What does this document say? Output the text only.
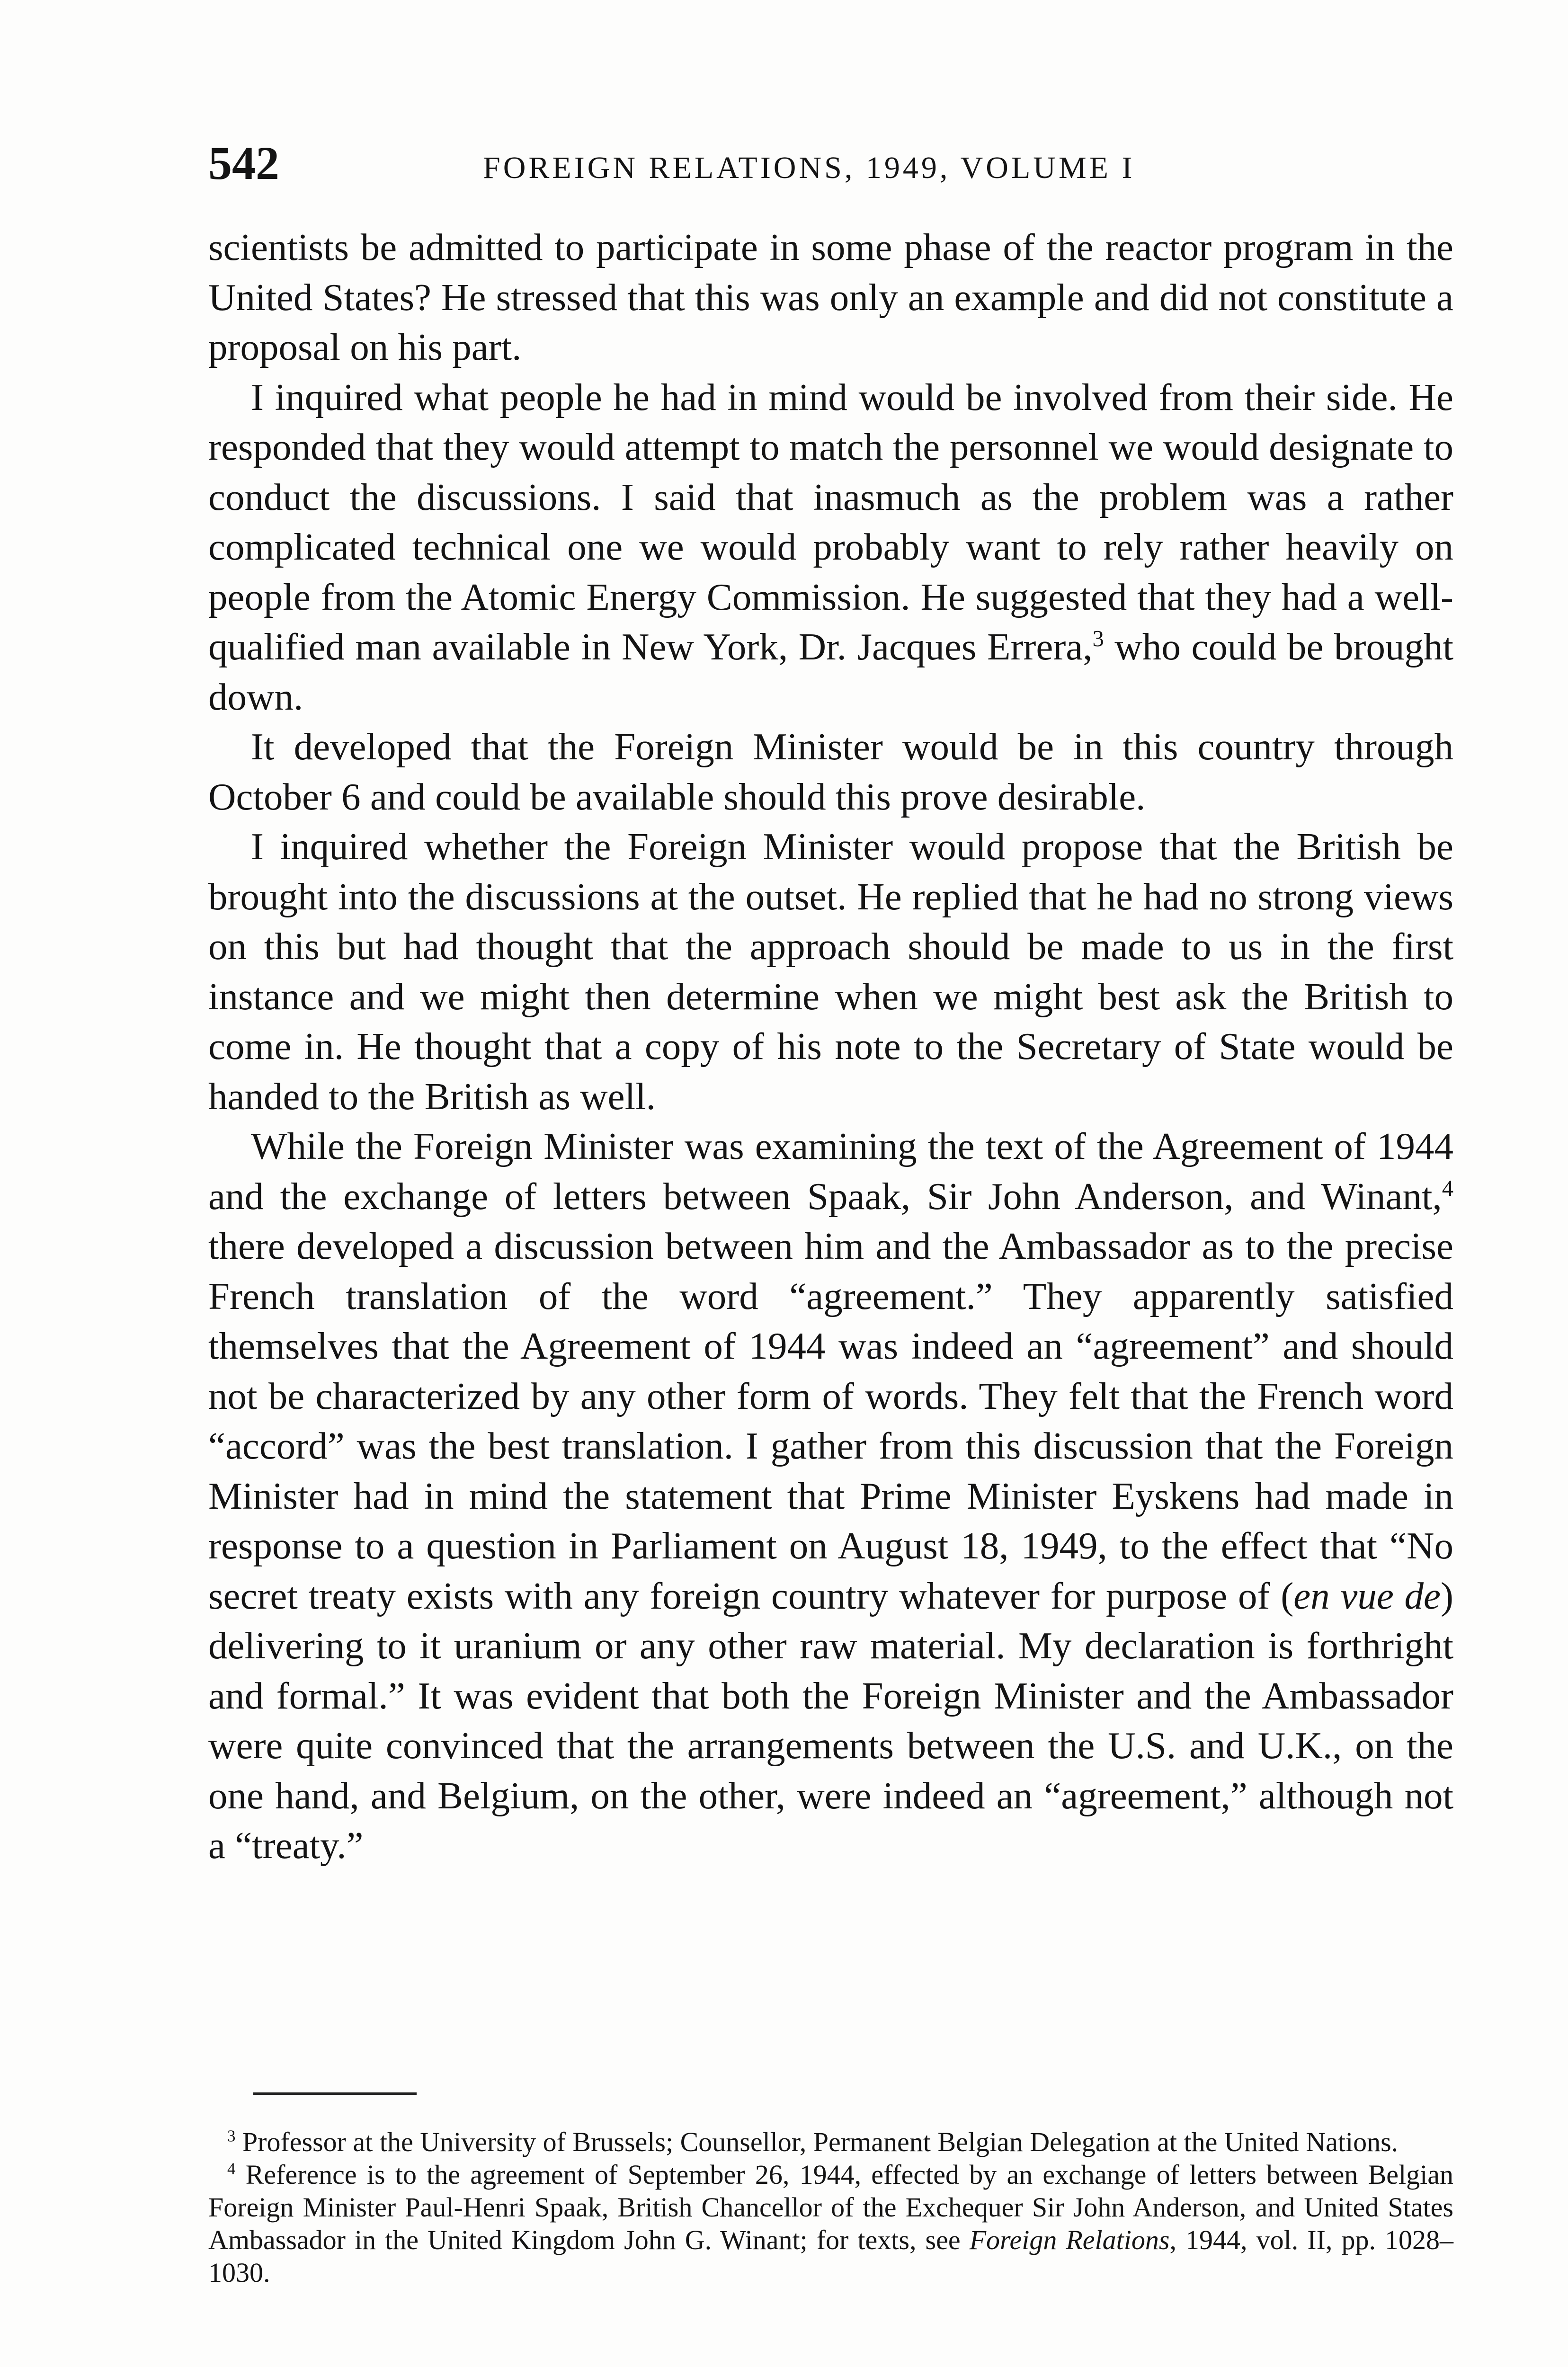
542	FOREIGN RELATIONS, 1949, VOLUME I

scientists be admitted to participate in some phase of the reactor program in the United States? He stressed that this was only an example and did not constitute a proposal on his part.

I inquired what people he had in mind would be involved from their side. He responded that they would attempt to match the personnel we would designate to conduct the discussions. I said that inasmuch as the problem was a rather complicated technical one we would probably want to rely rather heavily on people from the Atomic Energy Commission. He suggested that they had a well-qualified man available in New York, Dr. Jacques Errera,$^3$ who could be brought down.

It developed that the Foreign Minister would be in this country through October 6 and could be available should this prove desirable.

I inquired whether the Foreign Minister would propose that the British be brought into the discussions at the outset. He replied that he had no strong views on this but had thought that the approach should be made to us in the first instance and we might then determine when we might best ask the British to come in. He thought that a copy of his note to the Secretary of State would be handed to the British as well.

While the Foreign Minister was examining the text of the Agreement of 1944 and the exchange of letters between Spaak, Sir John Anderson, and Winant,$^4$ there developed a discussion between him and the Ambassador as to the precise French translation of the word “agreement.” They apparently satisfied themselves that the Agreement of 1944 was indeed an “agreement” and should not be characterized by any other form of words. They felt that the French word “accord” was the best translation. I gather from this discussion that the Foreign Minister had in mind the statement that Prime Minister Eyskens had made in response to a question in Parliament on August 18, 1949, to the effect that “No secret treaty exists with any foreign country whatever for purpose of (en vue de) delivering to it uranium or any other raw material. My declaration is forthright and formal.” It was evident that both the Foreign Minister and the Ambassador were quite convinced that the arrangements between the U.S. and U.K., on the one hand, and Belgium, on the other, were indeed an “agreement,” although not a “treaty.”

$^3$ Professor at the University of Brussels; Counsellor, Permanent Belgian Delegation at the United Nations.

$^4$ Reference is to the agreement of September 26, 1944, effected by an exchange of letters between Belgian Foreign Minister Paul-Henri Spaak, British Chancellor of the Exchequer Sir John Anderson, and United States Ambassador in the United Kingdom John G. Winant; for texts, see Foreign Relations, 1944, vol. II, pp. 1028–1030.
